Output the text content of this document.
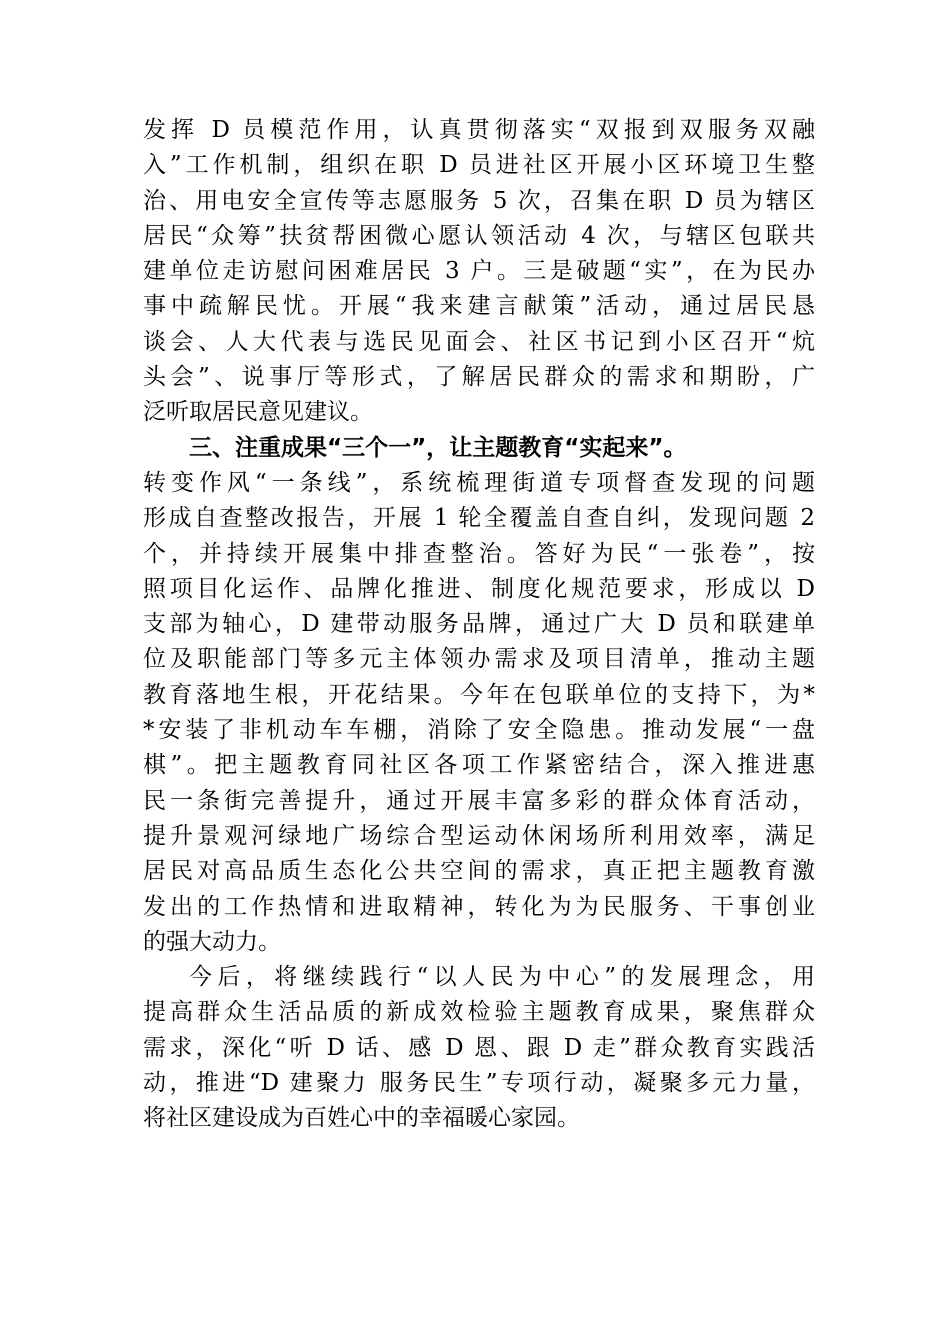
发挥 D 员模范作用，认真贯彻落实“双报到双服务双融
入”工作机制，组织在职 D 员进社区开展小区环境卫生整
治、用电安全宣传等志愿服务 5 次，召集在职 D 员为辖区
居民“众筹”扶贫帮困微心愿认领活动 4 次，与辖区包联共
建单位走访慰问困难居民 3 户。三是破题“实”，在为民办
事中疏解民忧。开展“我来建言献策”活动，通过居民恳
谈会、人大代表与选民见面会、社区书记到小区召开“炕
头会”、说事厅等形式，了解居民群众的需求和期盼，广
泛听取居民意见建议。
三、注重成果“三个一”，让主题教育“实起来”。
转变作风“一条线”，系统梳理街道专项督查发现的问题
形成自查整改报告，开展 1 轮全覆盖自查自纠，发现问题 2
个，并持续开展集中排查整治。答好为民“一张卷”，按
照项目化运作、品牌化推进、制度化规范要求，形成以 D
支部为轴心，D 建带动服务品牌，通过广大 D 员和联建单
位及职能部门等多元主体领办需求及项目清单，推动主题
教育落地生根，开花结果。今年在包联单位的支持下，为*
*安装了非机动车车棚，消除了安全隐患。推动发展“一盘
棋”。把主题教育同社区各项工作紧密结合，深入推进惠
民一条街完善提升，通过开展丰富多彩的群众体育活动，
提升景观河绿地广场综合型运动休闲场所利用效率，满足
居民对高品质生态化公共空间的需求，真正把主题教育激
发出的工作热情和进取精神，转化为为民服务、干事创业
的强大动力。
今后，将继续践行“以人民为中心”的发展理念，用
提高群众生活品质的新成效检验主题教育成果，聚焦群众
需求，深化“听 D 话、感 D 恩、跟 D 走”群众教育实践活
动，推进“D 建聚力 服务民生”专项行动，凝聚多元力量，
将社区建设成为百姓心中的幸福暖心家园。
